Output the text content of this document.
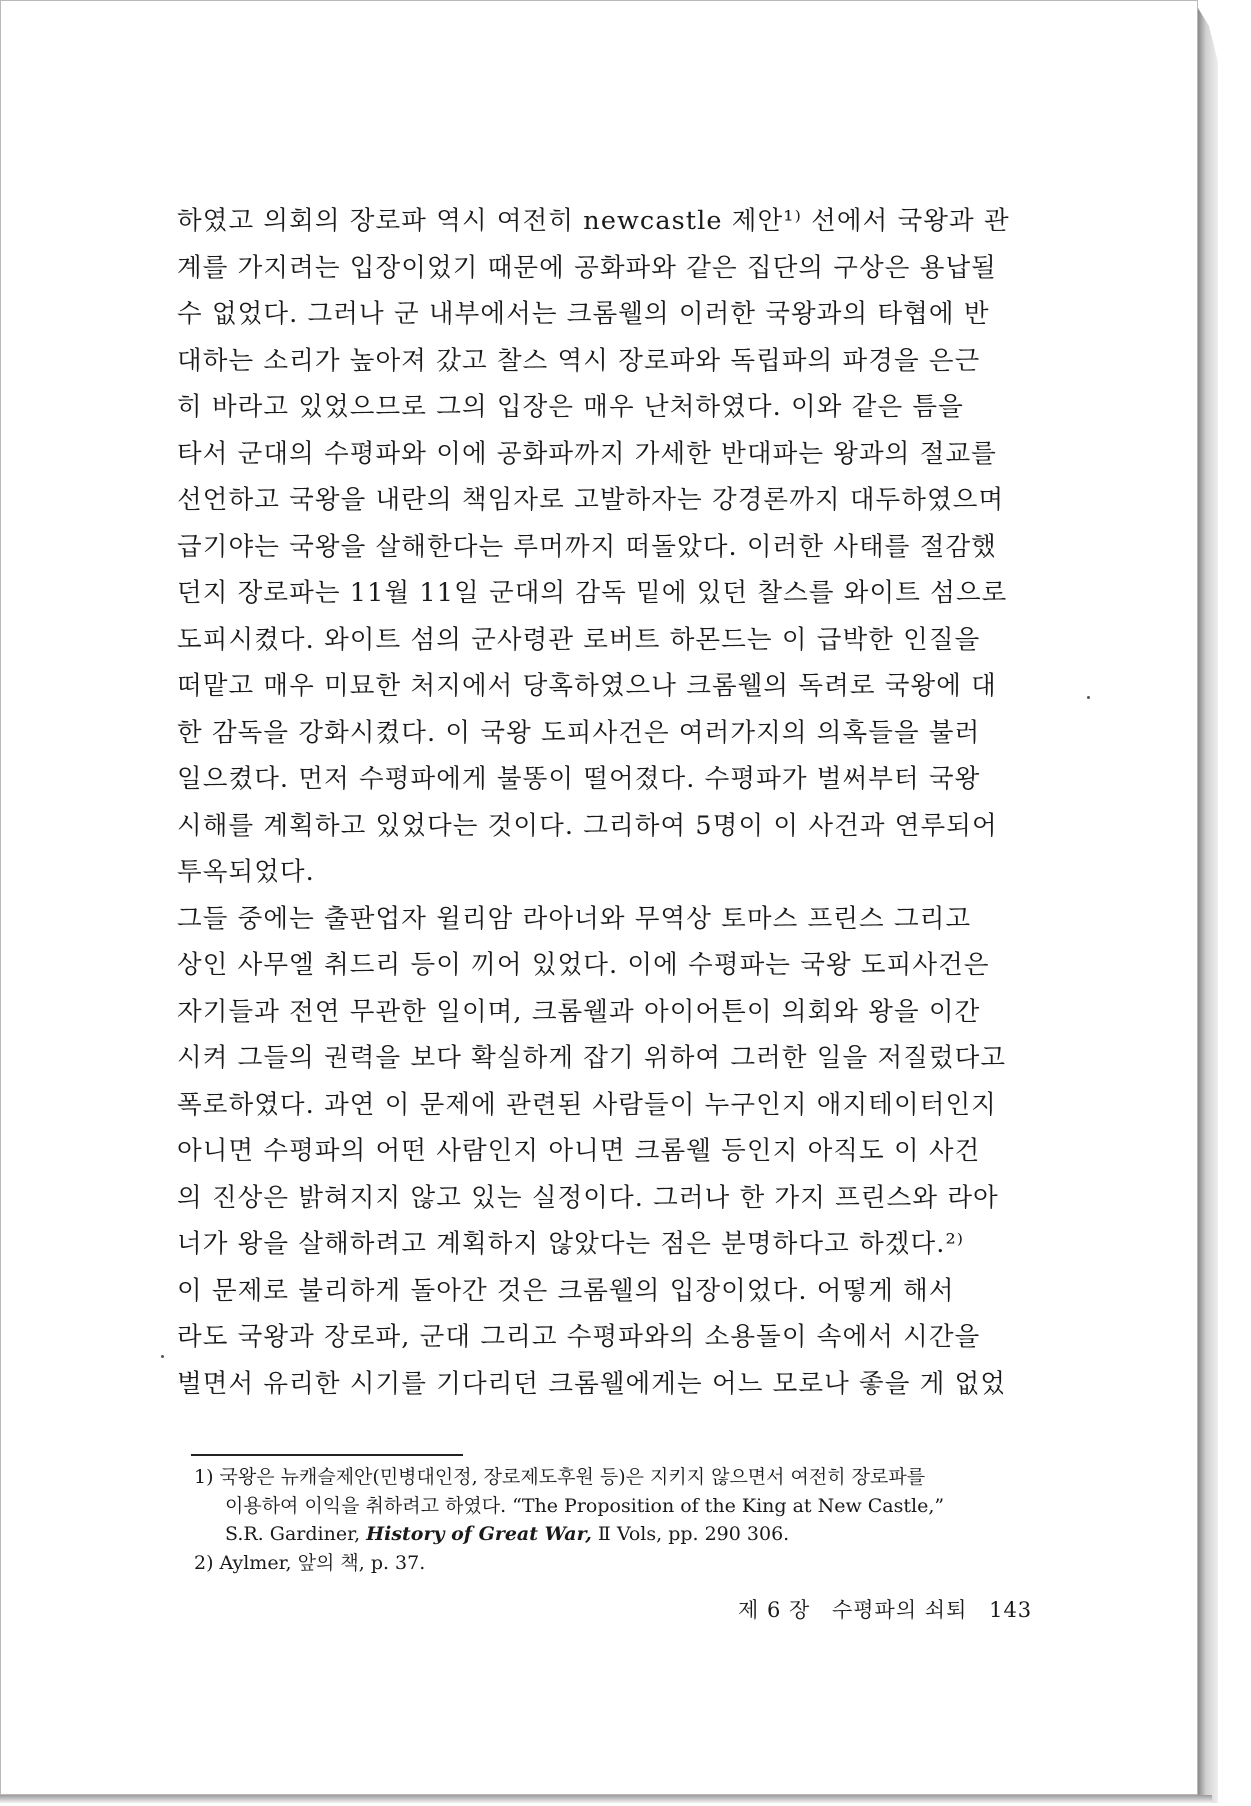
하였고 의회의 장로파 역시 여전히 newcastle 제안¹⁾ 선에서 국왕과 관
계를 가지려는 입장이었기 때문에 공화파와 같은 집단의 구상은 용납될
수 없었다. 그러나 군 내부에서는 크롬웰의 이러한 국왕과의 타협에 반
대하는 소리가 높아져 갔고 찰스 역시 장로파와 독립파의 파경을 은근
히 바라고 있었으므로 그의 입장은 매우 난처하였다. 이와 같은 틈을
타서 군대의 수평파와 이에 공화파까지 가세한 반대파는 왕과의 절교를
선언하고 국왕을 내란의 책임자로 고발하자는 강경론까지 대두하였으며
급기야는 국왕을 살해한다는 루머까지 떠돌았다. 이러한 사태를 절감했
던지 장로파는 11월 11일 군대의 감독 밑에 있던 찰스를 와이트 섬으로
도피시켰다. 와이트 섬의 군사령관 로버트 하몬드는 이 급박한 인질을
떠맡고 매우 미묘한 처지에서 당혹하였으나 크롬웰의 독려로 국왕에 대
한 감독을 강화시켰다. 이 국왕 도피사건은 여러가지의 의혹들을 불러
일으켰다. 먼저 수평파에게 불똥이 떨어졌다. 수평파가 벌써부터 국왕
시해를 계획하고 있었다는 것이다. 그리하여 5명이 이 사건과 연루되어
투옥되었다.
그들 중에는 출판업자 윌리암 라아너와 무역상 토마스 프린스 그리고
상인 사무엘 취드리 등이 끼어 있었다. 이에 수평파는 국왕 도피사건은
자기들과 전연 무관한 일이며, 크롬웰과 아이어튼이 의회와 왕을 이간
시켜 그들의 권력을 보다 확실하게 잡기 위하여 그러한 일을 저질렀다고
폭로하였다. 과연 이 문제에 관련된 사람들이 누구인지 애지테이터인지
아니면 수평파의 어떤 사람인지 아니면 크롬웰 등인지 아직도 이 사건
의 진상은 밝혀지지 않고 있는 실정이다. 그러나 한 가지 프린스와 라아
너가 왕을 살해하려고 계획하지 않았다는 점은 분명하다고 하겠다.²⁾
이 문제로 불리하게 돌아간 것은 크롬웰의 입장이었다. 어떻게 해서
라도 국왕과 장로파, 군대 그리고 수평파와의 소용돌이 속에서 시간을
벌면서 유리한 시기를 기다리던 크롬웰에게는 어느 모로나 좋을 게 없었
1) 국왕은 뉴캐슬제안(민병대인정, 장로제도후원 등)은 지키지 않으면서 여전히 장로파를
이용하여 이익을 취하려고 하였다. “The Proposition of the King at New Castle,”
S.R. Gardiner, History of Great War, Ⅱ Vols, pp. 290 306.
2) Aylmer, 앞의 책, p. 37.
제 6 장 수평파의 쇠퇴 143
